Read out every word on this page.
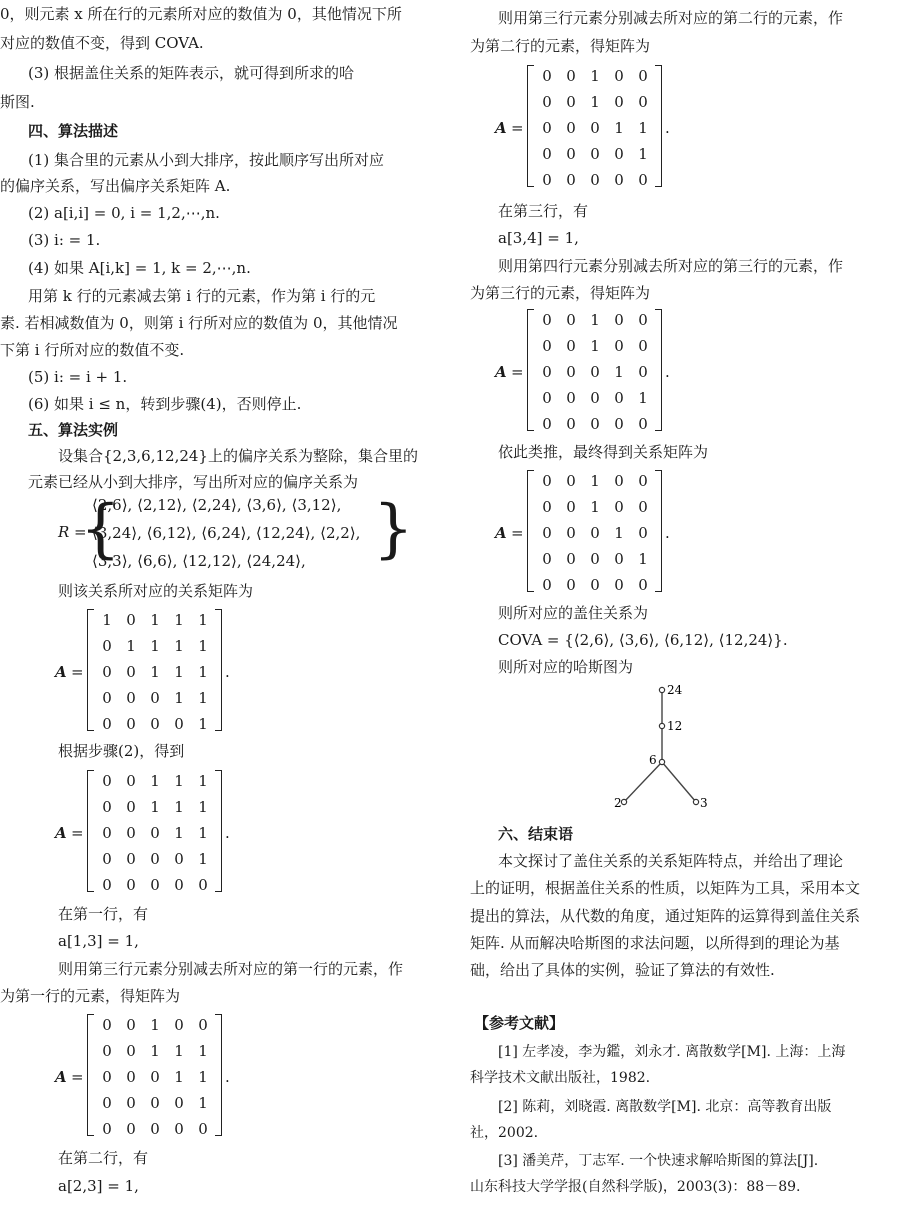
0，则元素 x 所在行的元素所对应的数值为 0，其他情况下所
对应的数值不变，得到 COVA.
(3) 根据盖住关系的矩阵表示，就可得到所求的哈
斯图.
四、算法描述
(1) 集合里的元素从小到大排序，按此顺序写出所对应
的偏序关系，写出偏序关系矩阵 A.
(2) a[i,i] = 0, i = 1,2,⋯,n.
(3) i: = 1.
(4) 如果 A[i,k] = 1, k = 2,⋯,n.
用第 k 行的元素减去第 i 行的元素，作为第 i 行的元
素. 若相减数值为 0，则第 i 行所对应的数值为 0，其他情况
下第 i 行所对应的数值不变.
(5) i: = i + 1.
(6) 如果 i ≤ n，转到步骤(4)，否则停止.
五、算法实例
设集合{2,3,6,12,24}上的偏序关系为整除，集合里的
元素已经从小到大排序，写出所对应的偏序关系为
R =
{
⟨2,6⟩, ⟨2,12⟩, ⟨2,24⟩, ⟨3,6⟩, ⟨3,12⟩,
⟨3,24⟩, ⟨6,12⟩, ⟨6,24⟩, ⟨12,24⟩, ⟨2,2⟩,
⟨3,3⟩, ⟨6,6⟩, ⟨12,12⟩, ⟨24,24⟩, }
则该关系所对应的关系矩阵为
A =
1 0 1 1 1
0 1 1 1 1
0 0 1 1 1
0 0 0 1 1
0 0 0 0 1
.
根据步骤(2)，得到
A =
0 0 1 1 1
0 0 1 1 1
0 0 0 1 1
0 0 0 0 1
0 0 0 0 0
.
在第一行，有
a[1,3] = 1,
则用第三行元素分别减去所对应的第一行的元素，作
为第一行的元素，得矩阵为
A =
0 0 1 0 0
0 0 1 1 1
0 0 0 1 1
0 0 0 0 1
0 0 0 0 0
.
在第二行，有
a[2,3] = 1,
则用第三行元素分别减去所对应的第二行的元素，作
为第二行的元素，得矩阵为
A =
0 0 1 0 0
0 0 1 0 0
0 0 0 1 1
0 0 0 0 1
0 0 0 0 0
.
在第三行，有
a[3,4] = 1,
则用第四行元素分别减去所对应的第三行的元素，作
为第三行的元素，得矩阵为
A =
0 0 1 0 0
0 0 1 0 0
0 0 0 1 0
0 0 0 0 1
0 0 0 0 0
.
依此类推，最终得到关系矩阵为
A =
0 0 1 0 0
0 0 1 0 0
0 0 0 1 0
0 0 0 0 1
0 0 0 0 0
.
则所对应的盖住关系为
COVA = {⟨2,6⟩, ⟨3,6⟩, ⟨6,12⟩, ⟨12,24⟩}.
则所对应的哈斯图为
六、结束语
本文探讨了盖住关系的关系矩阵特点，并给出了理论
上的证明，根据盖住关系的性质，以矩阵为工具，采用本文
提出的算法，从代数的角度，通过矩阵的运算得到盖住关系
矩阵. 从而解决哈斯图的求法问题，以所得到的理论为基
础，给出了具体的实例，验证了算法的有效性.
【参考文献】
[1] 左孝凌，李为鑑，刘永才. 离散数学[M]. 上海：上海
科学技术文献出版社，1982.
[2] 陈莉，刘晓霞. 离散数学[M]. 北京：高等教育出版
社，2002.
[3] 潘美芹，丁志军. 一个快速求解哈斯图的算法[J].
山东科技大学学报(自然科学版)，2003(3)：88－89.
24
12
6
2	3
